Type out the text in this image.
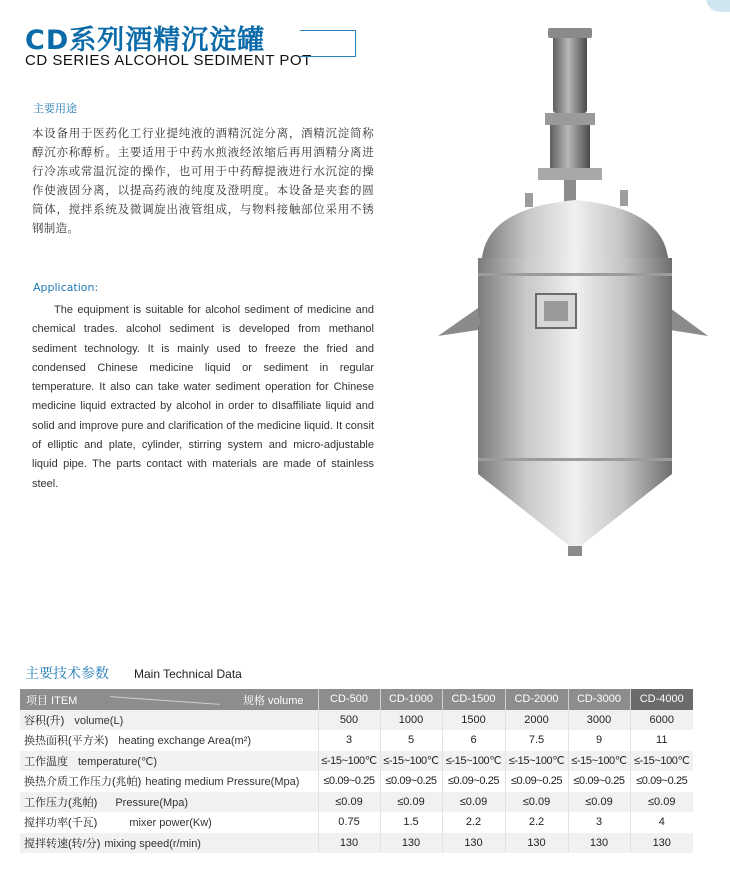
CD系列酒精沉淀罐
CD SERIES ALCOHOL SEDIMENT POT
主要用途
本设备用于医药化工行业提纯液的酒精沉淀分离，酒精沉淀简称醇沉亦称醇析。主要适用于中药水煎液经浓缩后再用酒精分离进行冷冻或常温沉淀的操作，也可用于中药醇提液进行水沉淀的操作使液固分离，以提高药液的纯度及澄明度。本设备是夹套的圆筒体，搅拌系统及微调旋出液管组成，与物料接触部位采用不锈钢制造。
Application:
The equipment is suitable for alcohol sediment of medicine and chemical trades. alcohol sediment is developed from methanol sediment technology. It is mainly used to freeze the fried and condensed Chinese medicine liquid or sediment in regular temperature. It also can take water sediment operation for Chinese medicine liquid extracted by alcohol in order to dIsaffiliate liquid and solid and improve pure and clarification of the medicine liquid. It consit of elliptic and plate, cylinder, stirring system and micro-adjustable liquid pipe. The parts contact with materials are made of stainless steel.
主要技术参数 Main Technical Data
项目 ITEM 规格 volume	CD-500	CD-1000	CD-1500	CD-2000	CD-3000	CD-4000
容积(升) volume(L)	500	1000	1500	2000	3000	6000
换热面积(平方米) heating exchange Area(m²)	3	5	6	7.5	9	11
工作温度 temperature(℃)	≤-15~100℃	≤-15~100℃	≤-15~100℃	≤-15~100℃	≤-15~100℃	≤-15~100℃
换热介质工作压力(兆帕) heating medium Pressure(Mpa)	≤0.09~0.25	≤0.09~0.25	≤0.09~0.25	≤0.09~0.25	≤0.09~0.25	≤0.09~0.25
工作压力(兆帕) Pressure(Mpa)	≤0.09	≤0.09	≤0.09	≤0.09	≤0.09	≤0.09
搅拌功率(千瓦) mixer power(Kw)	0.75	1.5	2.2	2.2	3	4
搅拌转速(转/分) mixing speed(r/min)	130	130	130	130	130	130
